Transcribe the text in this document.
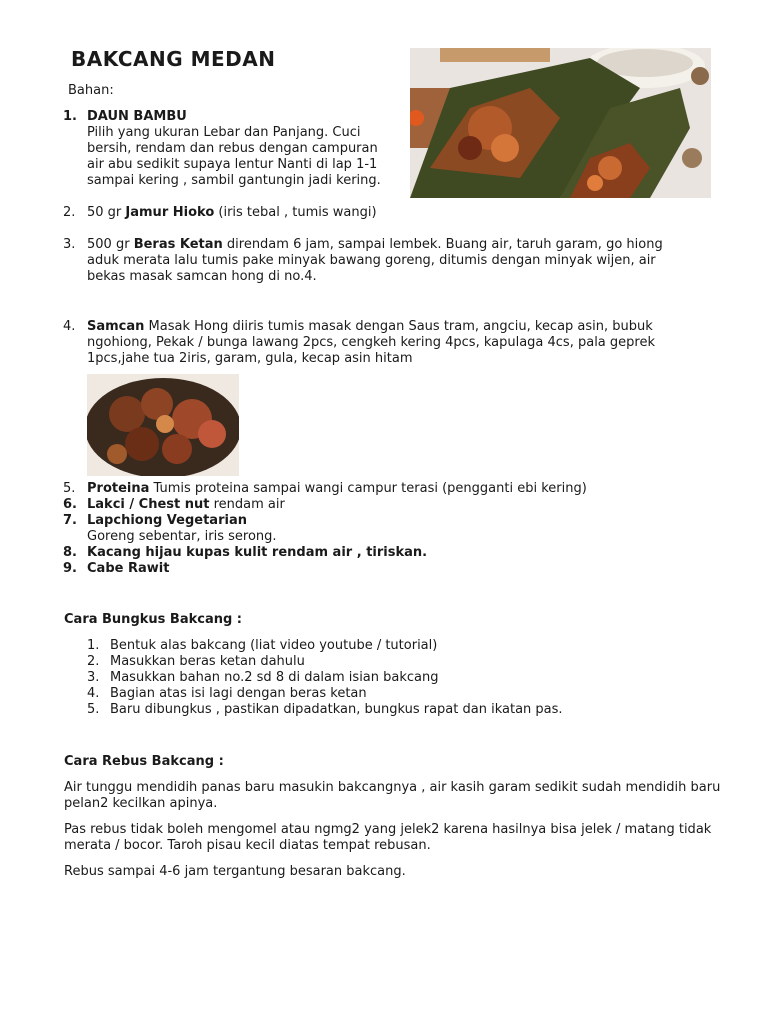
BAKCANG MEDAN
Bahan:
1. DAUN BAMBU
Pilih yang ukuran Lebar dan Panjang. Cuci
bersih, rendam dan rebus dengan campuran
air abu sedikit supaya lentur Nanti di lap 1-1
sampai kering , sambil gantungin jadi kering.
2. 50 gr Jamur Hioko (iris tebal , tumis wangi)
3. 500 gr Beras Ketan direndam 6 jam, sampai lembek. Buang air, taruh garam, go hiong
aduk merata lalu tumis pake minyak bawang goreng, ditumis dengan minyak wijen, air
bekas masak samcan hong di no.4.
4. Samcan Masak Hong diiris tumis masak dengan Saus tram, angciu, kecap asin, bubuk
ngohiong, Pekak / bunga lawang 2pcs, cengkeh kering 4pcs, kapulaga 4cs, pala geprek
1pcs,jahe tua 2iris, garam, gula, kecap asin hitam
5. Proteina Tumis proteina sampai wangi campur terasi (pengganti ebi kering)
6. Lakci / Chest nut rendam air
7. Lapchiong Vegetarian
Goreng sebentar, iris serong.
8. Kacang hijau kupas kulit rendam air , tiriskan.
9. Cabe Rawit
Cara Bungkus Bakcang :
1. Bentuk alas bakcang (liat video youtube / tutorial)
2. Masukkan beras ketan dahulu
3. Masukkan bahan no.2 sd 8 di dalam isian bakcang
4. Bagian atas isi lagi dengan beras ketan
5. Baru dibungkus , pastikan dipadatkan, bungkus rapat dan ikatan pas.
Cara Rebus Bakcang :
Air tunggu mendidih panas baru masukin bakcangnya , air kasih garam sedikit sudah mendidih baru pelan2 kecilkan apinya.
Pas rebus tidak boleh mengomel atau ngmg2 yang jelek2 karena hasilnya bisa jelek / matang tidak merata / bocor. Taroh pisau kecil diatas tempat rebusan.
Rebus sampai 4-6 jam tergantung besaran bakcang.
